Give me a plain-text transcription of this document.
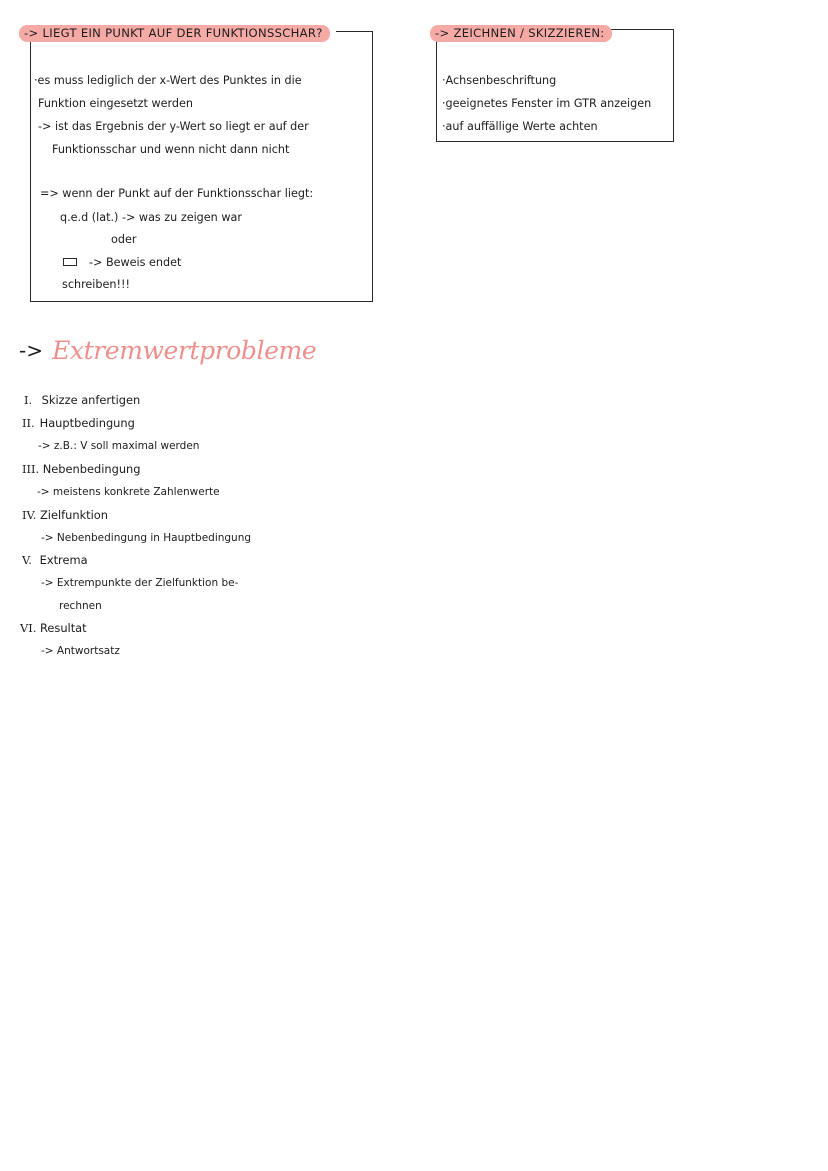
-> LIEGT EIN PUNKT AUF DER FUNKTIONSSCHAR?
·es muss lediglich der x-Wert des Punktes in die
Funktion eingesetzt werden
-> ist das Ergebnis der y-Wert so liegt er auf der
Funktionsschar und wenn nicht dann nicht
=> wenn der Punkt auf der Funktionsschar liegt:
q.e.d (lat.) -> was zu zeigen war
oder
-> Beweis endet
schreiben!!!
-> ZEICHNEN / SKIZZIEREN:
·Achsenbeschriftung
·geeignetes Fenster im GTR anzeigen
·auf auffällige Werte achten
-> Extremwertprobleme
I. Skizze anfertigen
II. Hauptbedingung
-> z.B.: V soll maximal werden
III. Nebenbedingung
-> meistens konkrete Zahlenwerte
IV. Zielfunktion
-> Nebenbedingung in Hauptbedingung
V. Extrema
-> Extrempunkte der Zielfunktion be-
rechnen
VI. Resultat
-> Antwortsatz
